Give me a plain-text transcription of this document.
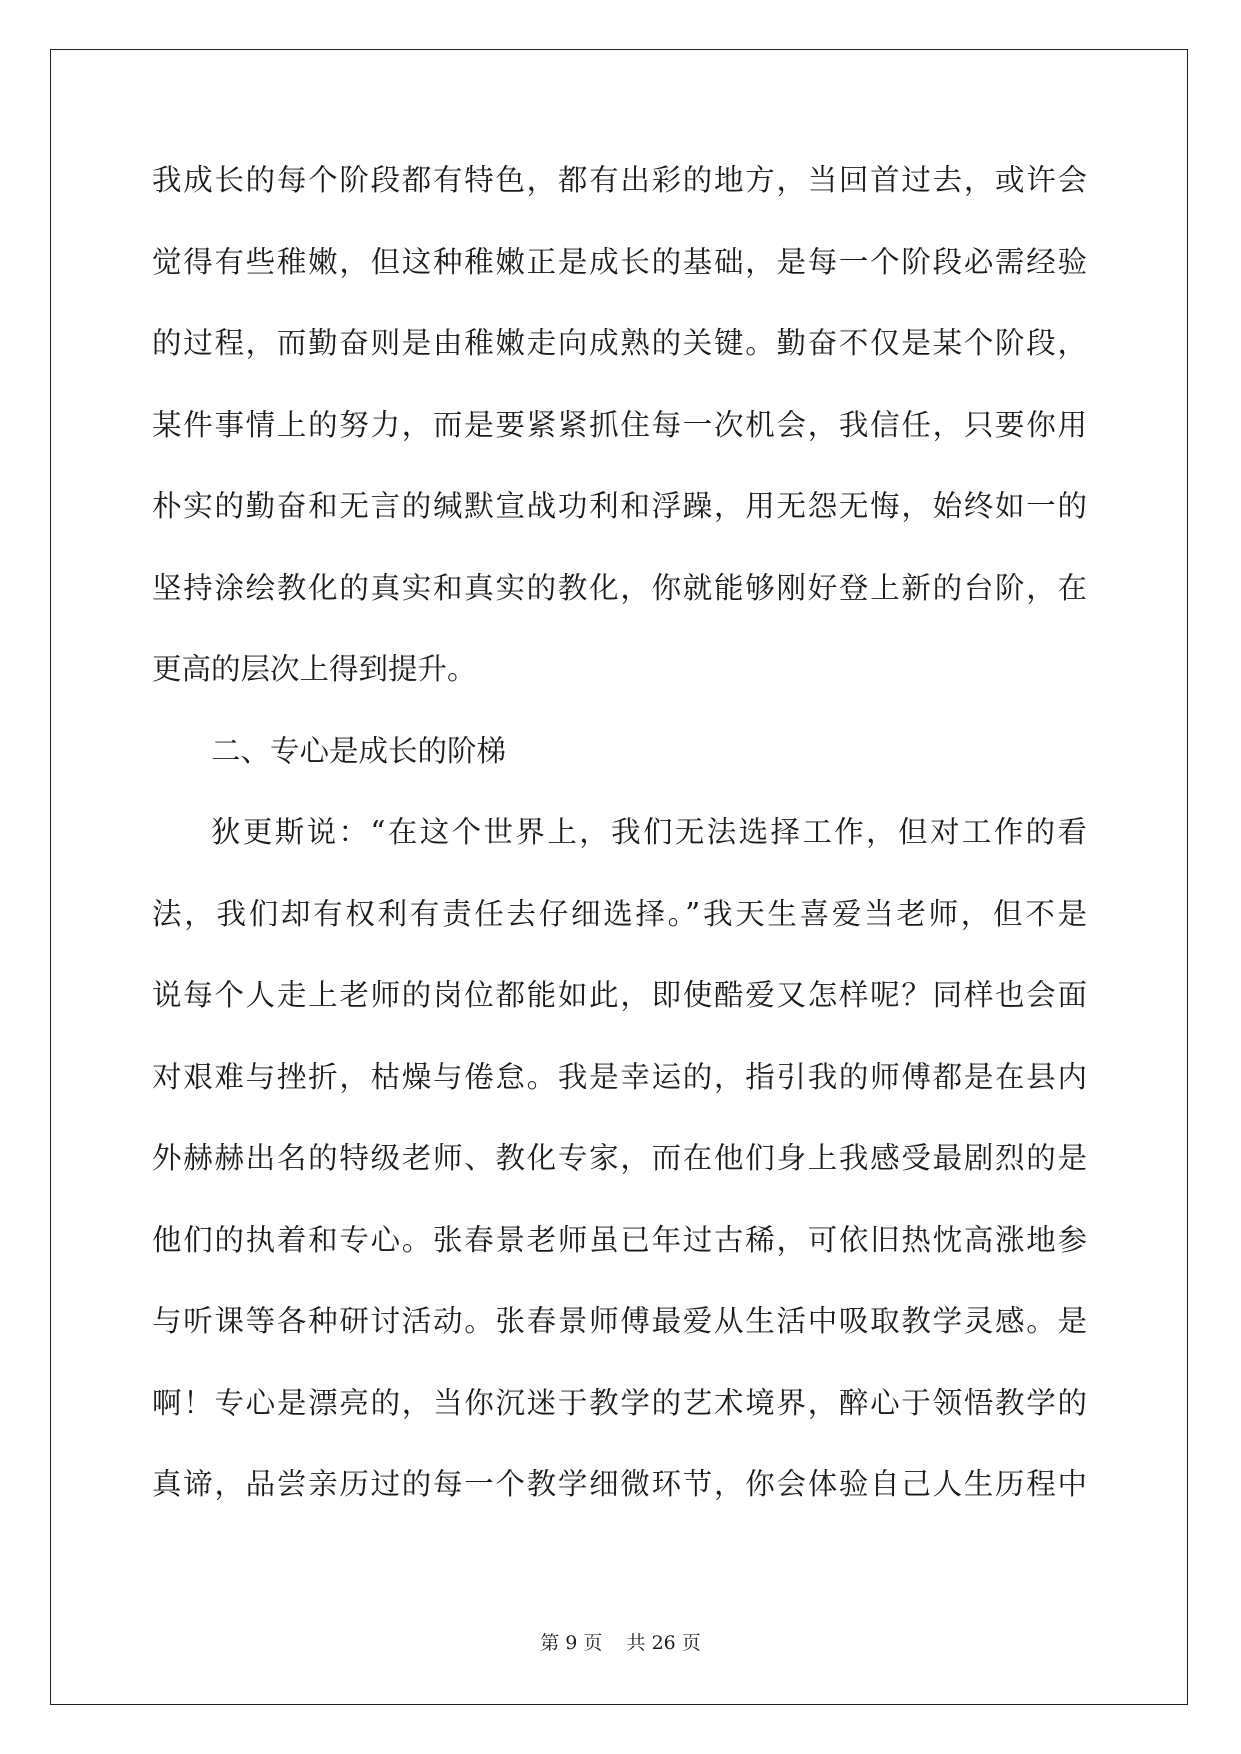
我成长的每个阶段都有特色，都有出彩的地方，当回首过去，或许会
觉得有些稚嫩，但这种稚嫩正是成长的基础，是每一个阶段必需经验
的过程，而勤奋则是由稚嫩走向成熟的关键。勤奋不仅是某个阶段，
某件事情上的努力，而是要紧紧抓住每一次机会，我信任，只要你用
朴实的勤奋和无言的缄默宣战功利和浮躁，用无怨无悔，始终如一的
坚持涂绘教化的真实和真实的教化，你就能够刚好登上新的台阶，在
更高的层次上得到提升。
二、专心是成长的阶梯
狄更斯说：“在这个世界上，我们无法选择工作，但对工作的看
法，我们却有权利有责任去仔细选择。”我天生喜爱当老师，但不是
说每个人走上老师的岗位都能如此，即使酷爱又怎样呢？同样也会面
对艰难与挫折，枯燥与倦怠。我是幸运的，指引我的师傅都是在县内
外赫赫出名的特级老师、教化专家，而在他们身上我感受最剧烈的是
他们的执着和专心。张春景老师虽已年过古稀，可依旧热忱高涨地参
与听课等各种研讨活动。张春景师傅最爱从生活中吸取教学灵感。是
啊！专心是漂亮的，当你沉迷于教学的艺术境界，醉心于领悟教学的
真谛，品尝亲历过的每一个教学细微环节，你会体验自己人生历程中
第 9 页    共 26 页
